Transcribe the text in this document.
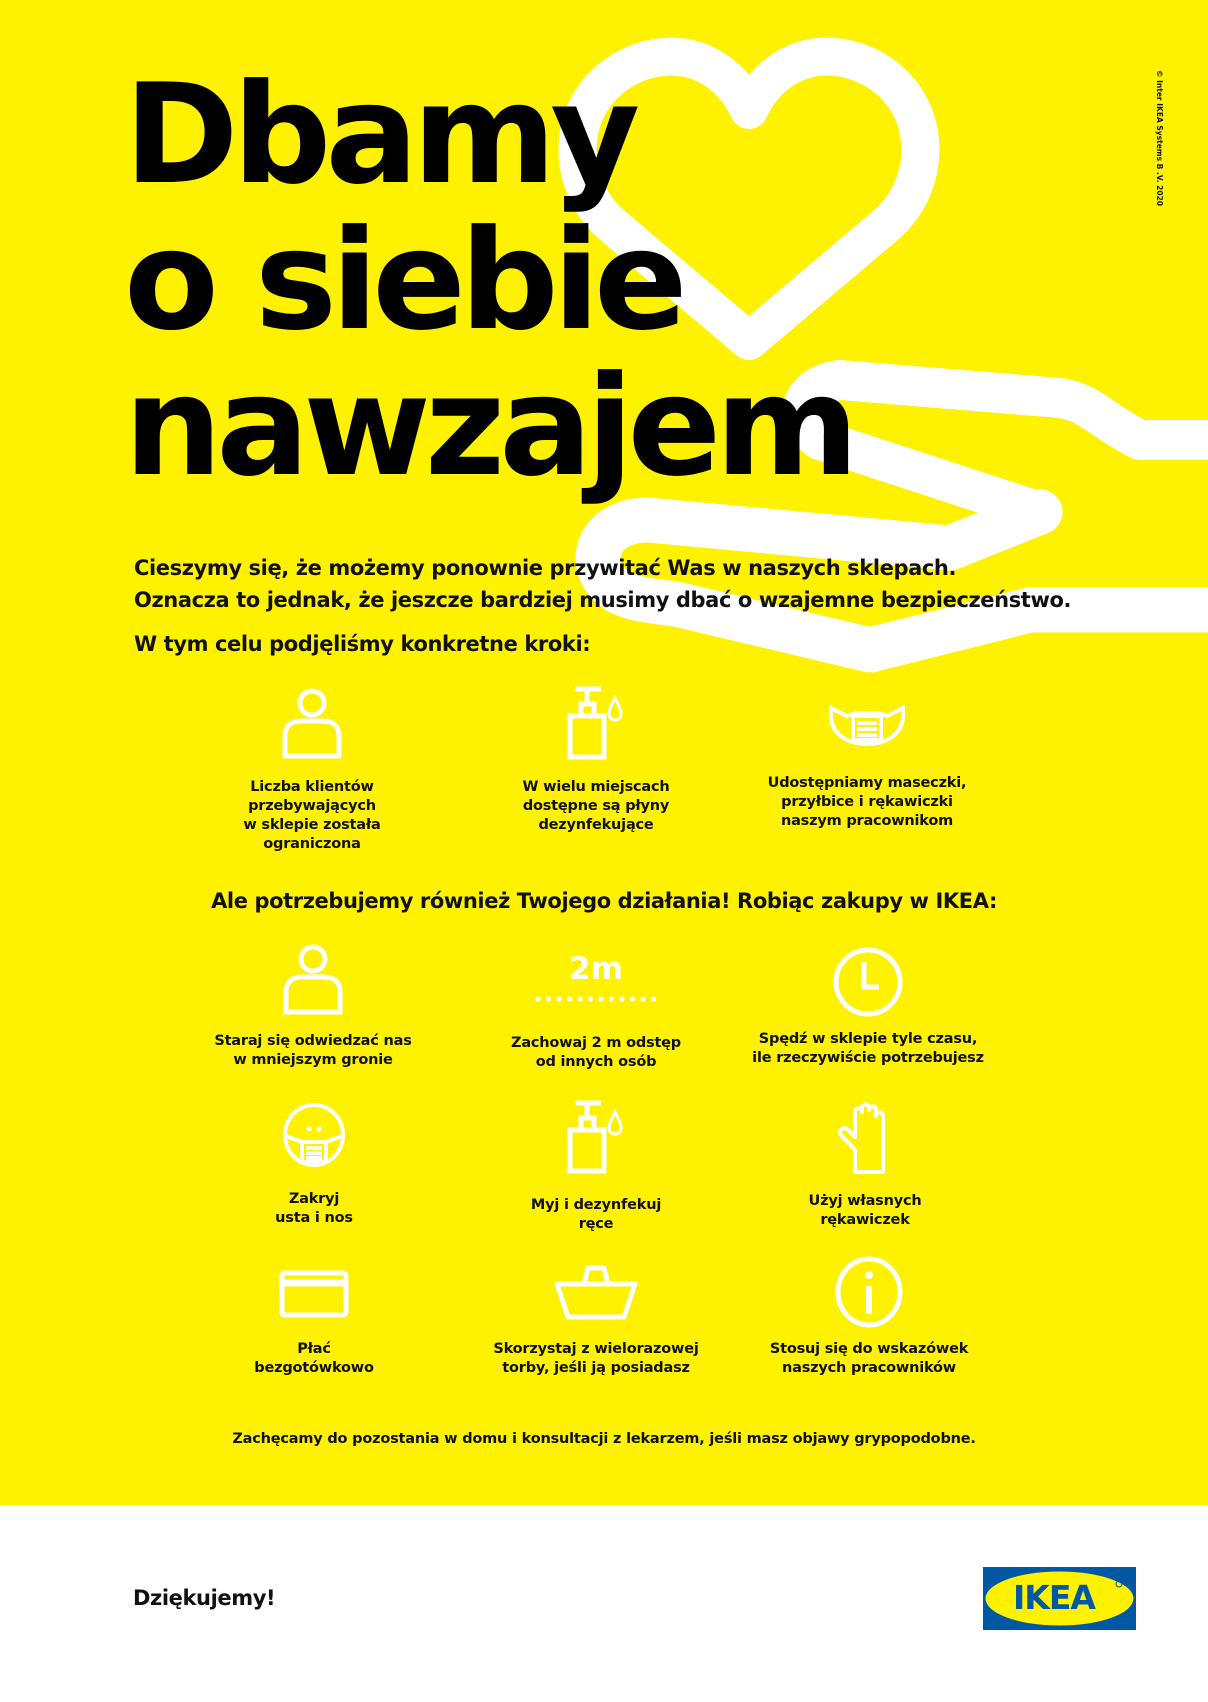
© Inter IKEA Systems B .V. 2020
Dbamy
o siebie
nawzajem
Cieszymy się, że możemy ponownie przywitać Was w naszych sklepach.
Oznacza to jednak, że jeszcze bardziej musimy dbać o wzajemne bezpieczeństwo.
W tym celu podjęliśmy konkretne kroki:
Liczba klientów
przebywających
w sklepie została
ograniczona
W wielu miejscach
dostępne są płyny
dezynfekujące
Udostępniamy maseczki,
przyłbice i rękawiczki
naszym pracownikom
Ale potrzebujemy również Twojego działania! Robiąc zakupy w IKEA:
Staraj się odwiedzać nas
w mniejszym gronie
2m
Zachowaj 2 m odstęp
od innych osób
Spędź w sklepie tyle czasu,
ile rzeczywiście potrzebujesz
Zakryj
usta i nos
Myj i dezynfekuj
ręce
Użyj własnych
rękawiczek
Płać
bezgotówkowo
Skorzystaj z wielorazowej
torby, jeśli ją posiadasz
Stosuj się do wskazówek
naszych pracowników
Zachęcamy do pozostania w domu i konsultacji z lekarzem, jeśli masz objawy grypopodobne.
Dziękujemy!	IKEA
